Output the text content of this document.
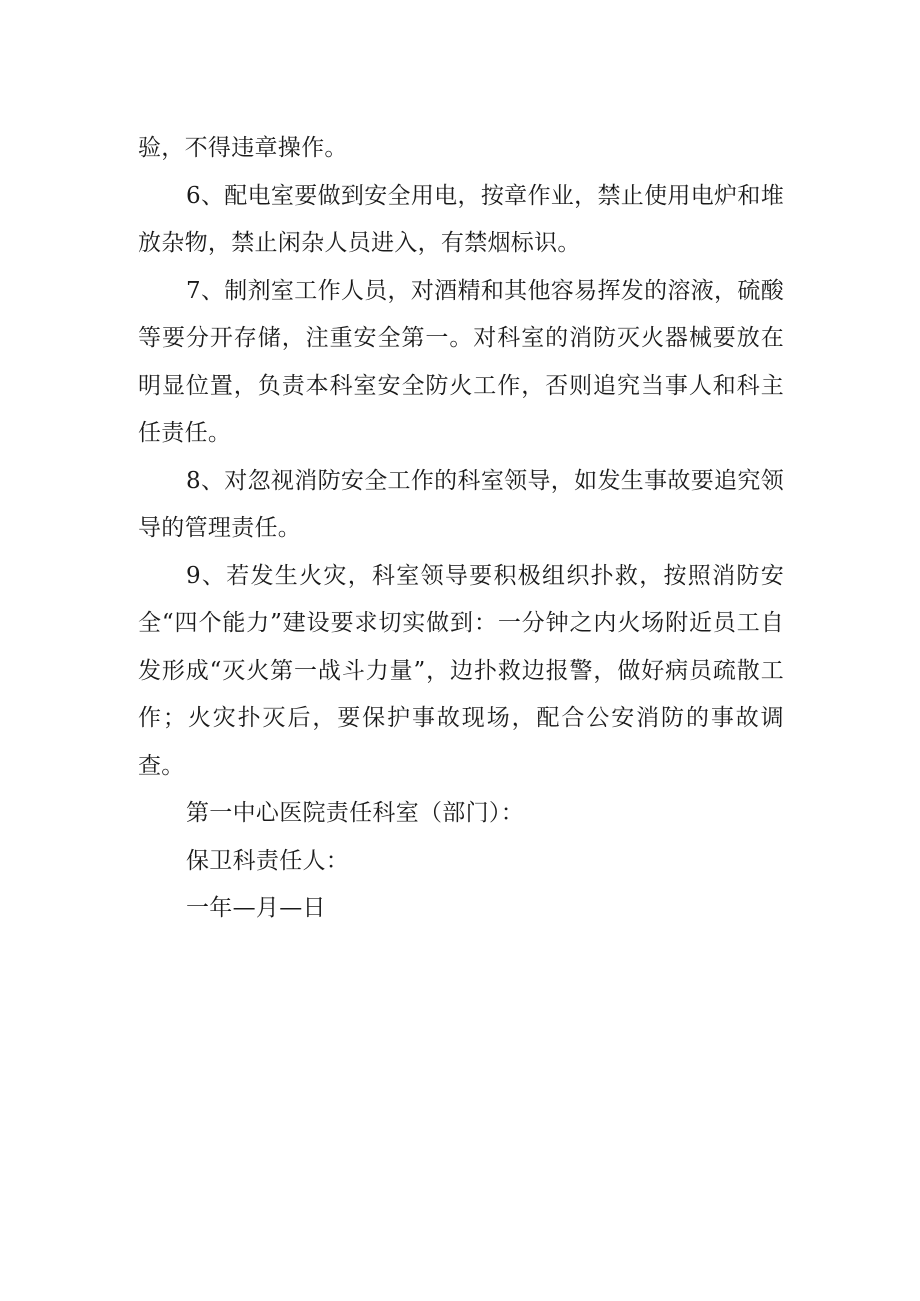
验，不得违章操作。

6、配电室要做到安全用电，按章作业，禁止使用电炉和堆放杂物，禁止闲杂人员进入，有禁烟标识。

7、制剂室工作人员，对酒精和其他容易挥发的溶液，硫酸等要分开存储，注重安全第一。对科室的消防灭火器械要放在明显位置，负责本科室安全防火工作，否则追究当事人和科主任责任。

8、对忽视消防安全工作的科室领导，如发生事故要追究领导的管理责任。

9、若发生火灾，科室领导要积极组织扑救，按照消防安全“四个能力”建设要求切实做到：一分钟之内火场附近员工自发形成“灭火第一战斗力量”，边扑救边报警，做好病员疏散工作；火灾扑灭后，要保护事故现场，配合公安消防的事故调查。

第一中心医院责任科室（部门）：

保卫科责任人：

一年—月—日
